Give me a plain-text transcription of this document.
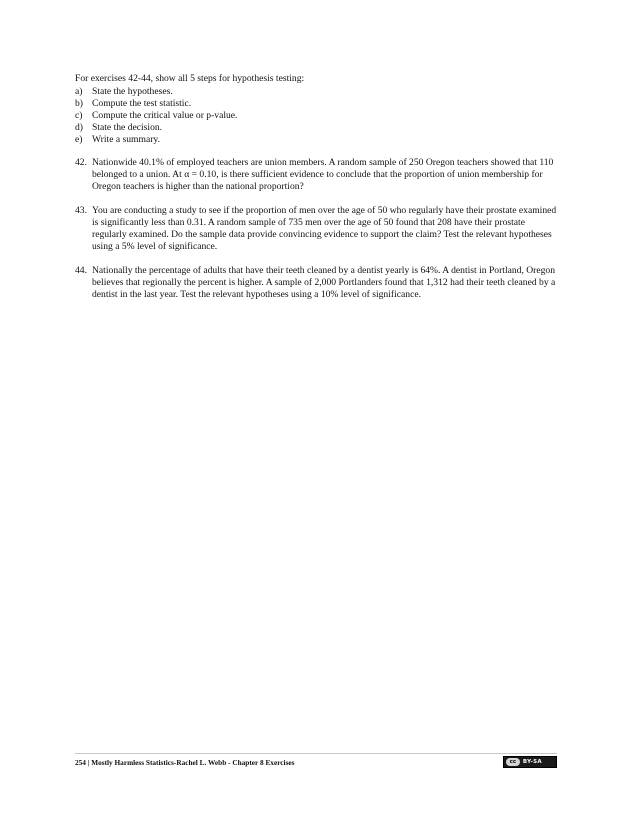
For exercises 42-44, show all 5 steps for hypothesis testing:

a) State the hypotheses.
b) Compute the test statistic.
c) Compute the critical value or p-value.
d) State the decision.
e) Write a summary.
42. Nationwide 40.1% of employed teachers are union members. A random sample of 250 Oregon teachers showed that 110 belonged to a union. At α = 0.10, is there sufficient evidence to conclude that the proportion of union membership for Oregon teachers is higher than the national proportion?
43. You are conducting a study to see if the proportion of men over the age of 50 who regularly have their prostate examined is significantly less than 0.31. A random sample of 735 men over the age of 50 found that 208 have their prostate regularly examined. Do the sample data provide convincing evidence to support the claim? Test the relevant hypotheses using a 5% level of significance.
44. Nationally the percentage of adults that have their teeth cleaned by a dentist yearly is 64%. A dentist in Portland, Oregon believes that regionally the percent is higher. A sample of 2,000 Portlanders found that 1,312 had their teeth cleaned by a dentist in the last year. Test the relevant hypotheses using a 10% level of significance.
254 | Mostly Harmless Statistics-Rachel L. Webb - Chapter 8 Exercises	cc	BY-SA
